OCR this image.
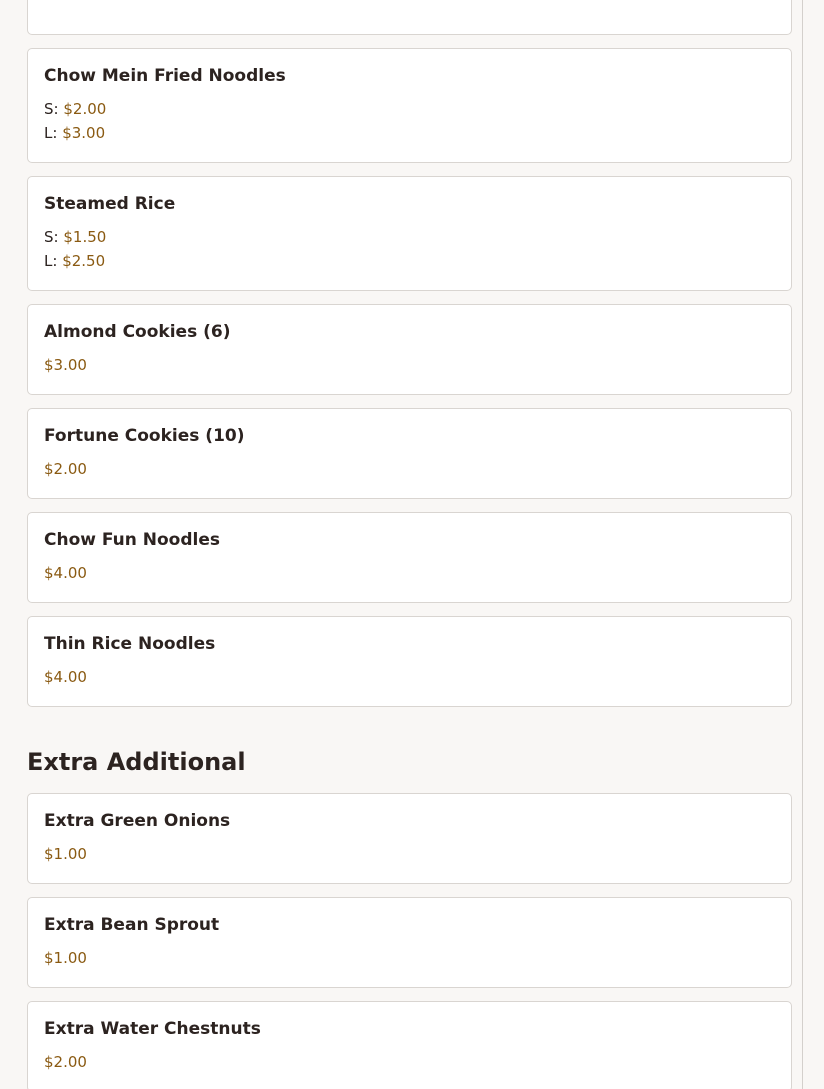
Chow Mein Fried Noodles
S: $2.00
L: $3.00
Steamed Rice
S: $1.50
L: $2.50
Almond Cookies (6)
$3.00
Fortune Cookies (10)
$2.00
Chow Fun Noodles
$4.00
Thin Rice Noodles
$4.00
Extra Additional
Extra Green Onions
$1.00
Extra Bean Sprout
$1.00
Extra Water Chestnuts
$2.00
